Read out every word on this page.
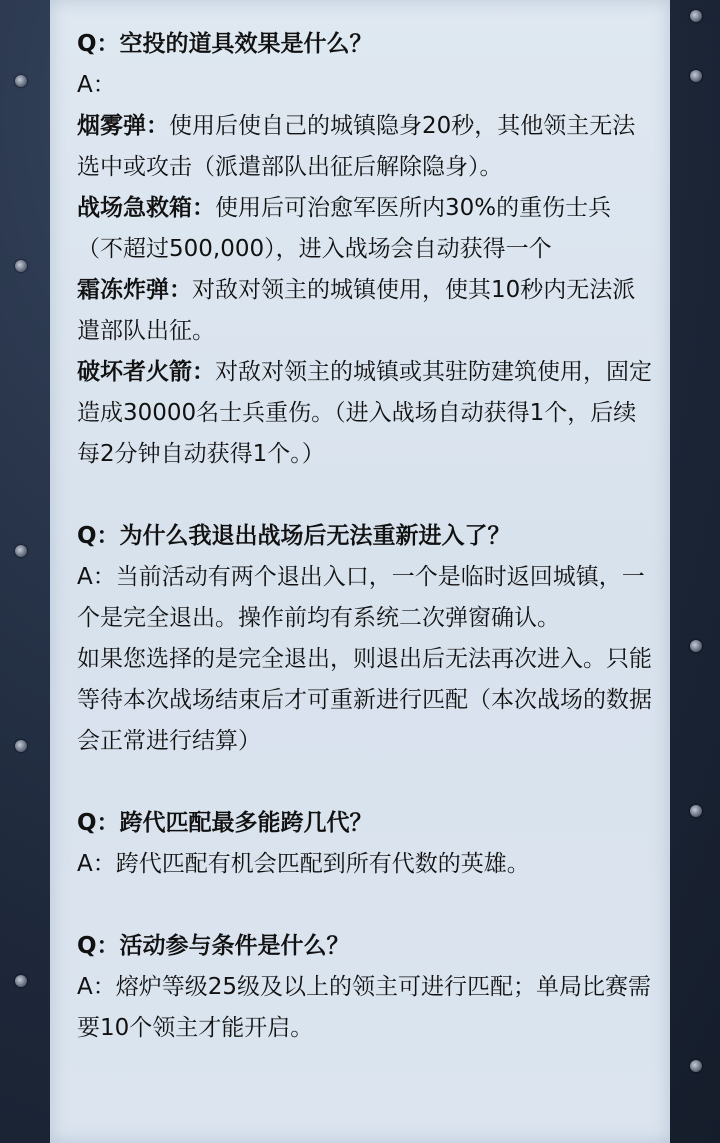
Q：空投的道具效果是什么？

A：

烟雾弹：使用后使自己的城镇隐身20秒，其他领主无法选中或攻击（派遣部队出征后解除隐身）。

战场急救箱：使用后可治愈军医所内30%的重伤士兵（不超过500,000），进入战场会自动获得一个

霜冻炸弹：对敌对领主的城镇使用，使其10秒内无法派遣部队出征。

破坏者火箭：对敌对领主的城镇或其驻防建筑使用，固定造成30000名士兵重伤。（进入战场自动获得1个，后续每2分钟自动获得1个。）

Q：为什么我退出战场后无法重新进入了？

A：当前活动有两个退出入口，一个是临时返回城镇，一个是完全退出。操作前均有系统二次弹窗确认。

如果您选择的是完全退出，则退出后无法再次进入。只能等待本次战场结束后才可重新进行匹配（本次战场的数据会正常进行结算）

Q：跨代匹配最多能跨几代？

A：跨代匹配有机会匹配到所有代数的英雄。

Q：活动参与条件是什么？

A：熔炉等级25级及以上的领主可进行匹配；单局比赛需要10个领主才能开启。
